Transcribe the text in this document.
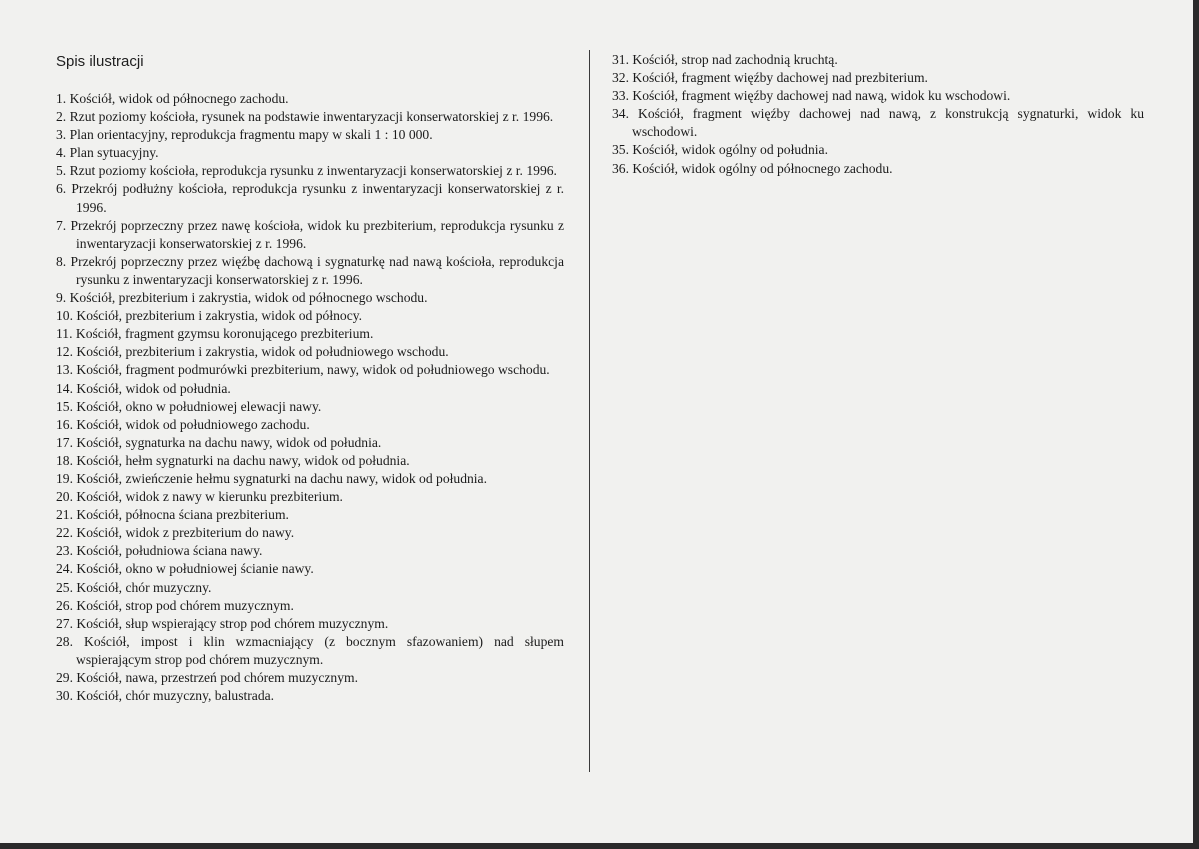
Spis ilustracji
1. Kościół, widok od północnego zachodu.
2. Rzut poziomy kościoła, rysunek na podstawie inwentaryzacji konserwatorskiej z r. 1996.
3. Plan orientacyjny, reprodukcja fragmentu mapy w skali 1 : 10 000.
4. Plan sytuacyjny.
5. Rzut poziomy kościoła, reprodukcja rysunku z inwentaryzacji konserwatorskiej z r. 1996.
6. Przekrój podłużny kościoła, reprodukcja rysunku z inwentaryzacji konserwatorskiej z r. 1996.
7. Przekrój poprzeczny przez nawę kościoła, widok ku prezbiterium, reprodukcja rysunku z inwentaryzacji konserwatorskiej z r. 1996.
8. Przekrój poprzeczny przez więźbę dachową i sygnaturkę nad nawą kościoła, reprodukcja rysunku z inwentaryzacji konserwatorskiej z r. 1996.
9. Kościół, prezbiterium i zakrystia, widok od północnego wschodu.
10. Kościół, prezbiterium i zakrystia, widok od północy.
11. Kościół, fragment gzymsu koronującego prezbiterium.
12. Kościół, prezbiterium i zakrystia, widok od południowego wschodu.
13. Kościół, fragment podmurówki prezbiterium, nawy, widok od południowego wschodu.
14. Kościół, widok od południa.
15. Kościół, okno w południowej elewacji nawy.
16. Kościół, widok od południowego zachodu.
17. Kościół, sygnaturka na dachu nawy, widok od południa.
18. Kościół, hełm sygnaturki na dachu nawy, widok od południa.
19. Kościół, zwieńczenie hełmu sygnaturki na dachu nawy, widok od południa.
20. Kościół, widok z nawy w kierunku prezbiterium.
21. Kościół, północna ściana prezbiterium.
22. Kościół, widok z prezbiterium do nawy.
23. Kościół, południowa ściana nawy.
24. Kościół, okno w południowej ścianie nawy.
25. Kościół, chór muzyczny.
26. Kościół, strop pod chórem muzycznym.
27. Kościół, słup wspierający strop pod chórem muzycznym.
28. Kościół, impost i klin wzmacniający (z bocznym sfazowaniem) nad słupem wspierającym strop pod chórem muzycznym.
29. Kościół, nawa, przestrzeń pod chórem muzycznym.
30. Kościół, chór muzyczny, balustrada.
31. Kościół, strop nad zachodnią kruchtą.
32. Kościół, fragment więźby dachowej nad prezbiterium.
33. Kościół, fragment więźby dachowej nad nawą, widok ku wschodowi.
34. Kościół, fragment więźby dachowej nad nawą, z konstrukcją sygnaturki, widok ku wschodowi.
35. Kościół, widok ogólny od południa.
36. Kościół, widok ogólny od północnego zachodu.
